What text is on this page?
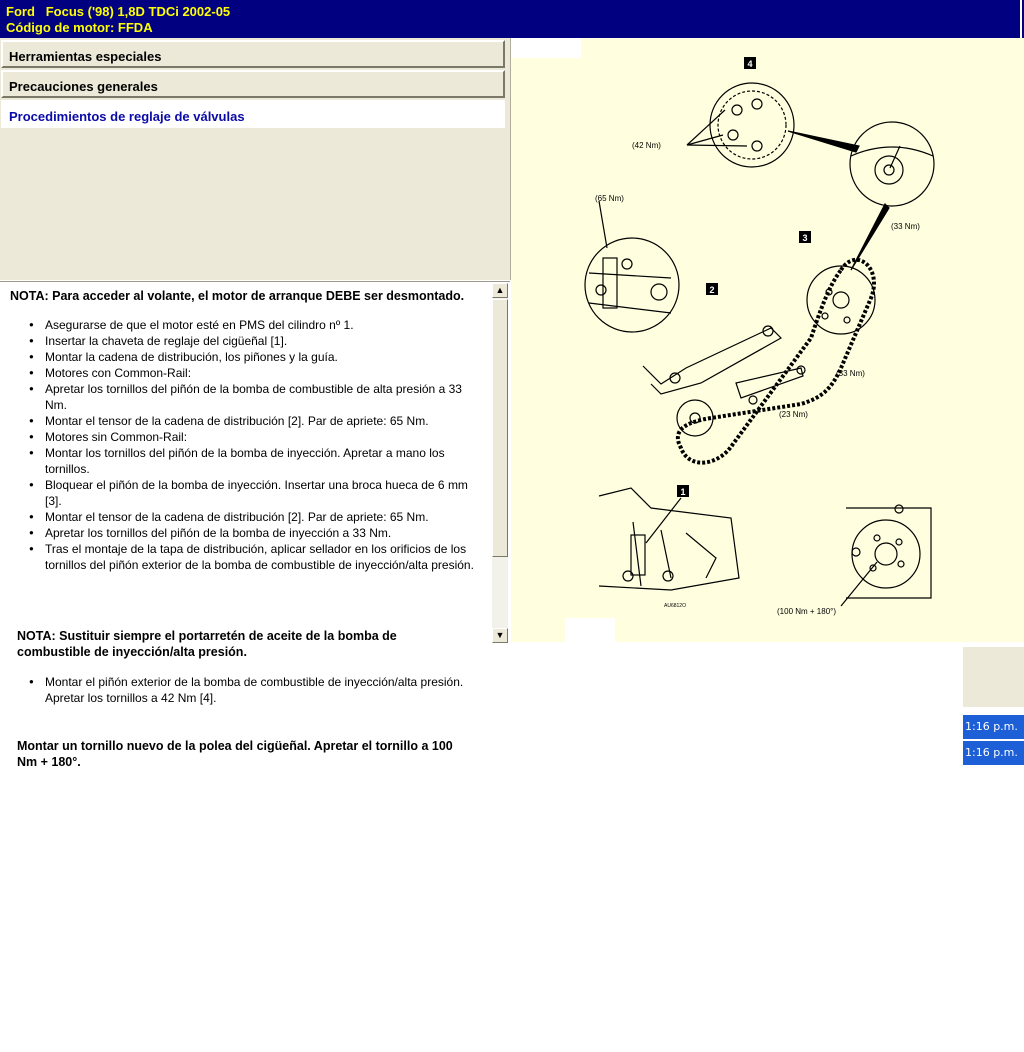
Ford   Focus ('98) 1,8D TDCi 2002-05
Código de motor: FFDA
Herramientas especiales
Precauciones generales
Procedimientos de reglaje de válvulas
NOTA: Para acceder al volante, el motor de arranque DEBE ser desmontado.
● Asegurarse de que el motor esté en PMS del cilindro nº 1.
● Insertar la chaveta de reglaje del cigüeñal [1].
● Montar la cadena de distribución, los piñones y la guía.
● Motores con Common-Rail:
● Apretar los tornillos del piñón de la bomba de combustible de alta presión a 33 Nm.
● Montar el tensor de la cadena de distribución [2]. Par de apriete: 65 Nm.
● Motores sin Common-Rail:
● Montar los tornillos del piñón de la bomba de inyección. Apretar a mano los tornillos.
● Bloquear el piñón de la bomba de inyección. Insertar una broca hueca de 6 mm [3].
● Montar el tensor de la cadena de distribución [2]. Par de apriete: 65 Nm.
● Apretar los tornillos del piñón de la bomba de inyección a 33 Nm.
● Tras el montaje de la tapa de distribución, aplicar sellador en los orificios de los tornillos del piñón exterior de la bomba de combustible de inyección/alta presión.
▲
▼
NOTA: Sustituir siempre el portarretén de aceite de la bomba de combustible de inyección/alta presión.
● Montar el piñón exterior de la bomba de combustible de inyección/alta presión. Apretar los tornillos a 42 Nm [4].
Montar un tornillo nuevo de la polea del cigüeñal. Apretar el tornillo a 100 Nm + 180°.
4
3
2
1
(42 Nm)
(65 Nm)
(33 Nm)
(33 Nm)
(23 Nm)
(100 Nm + 180°)
AU6812O
1:16 p.m.
1:16 p.m.
